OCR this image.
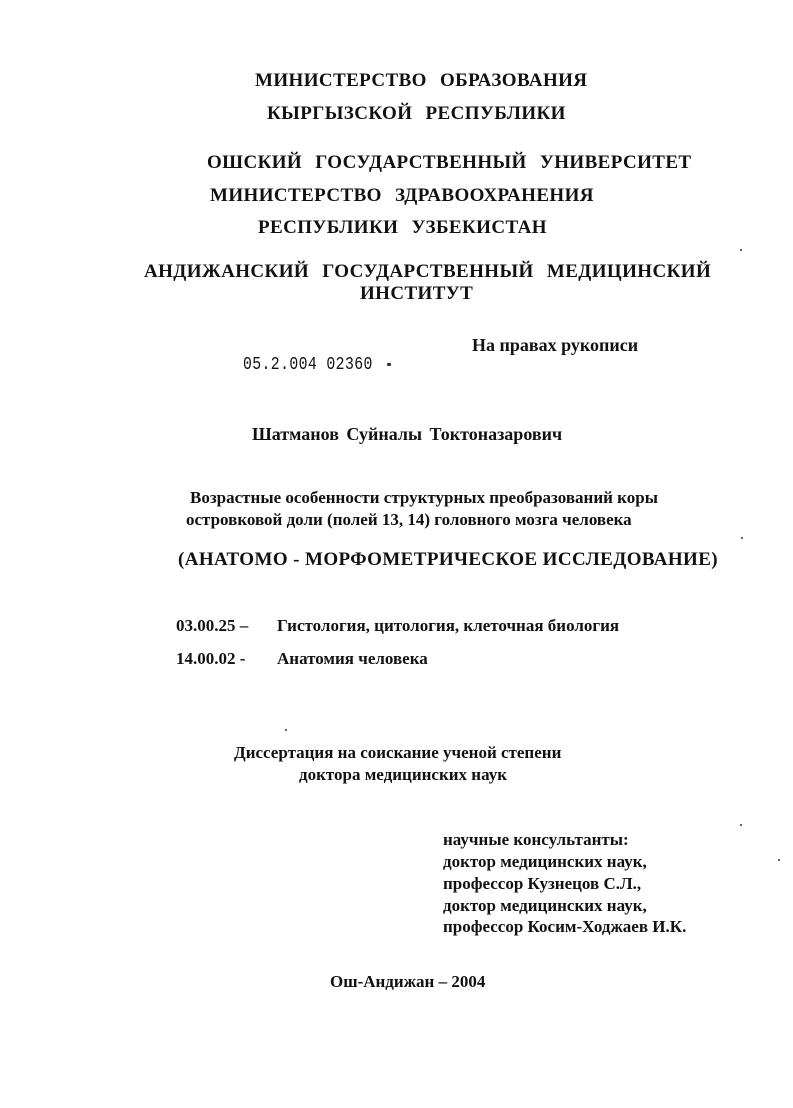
МИНИСТЕРСТВО ОБРАЗОВАНИЯ
КЫРГЫЗСКОЙ РЕСПУБЛИКИ
ОШСКИЙ ГОСУДАРСТВЕННЫЙ УНИВЕРСИТЕТ
МИНИСТЕРСТВО ЗДРАВООХРАНЕНИЯ
РЕСПУБЛИКИ УЗБЕКИСТАН
АНДИЖАНСКИЙ ГОСУДАРСТВЕННЫЙ МЕДИЦИНСКИЙ
ИНСТИТУТ
На правах рукописи
05.2.004 02360
Шатманов Суйналы Токтоназарович
Возрастные особенности структурных преобразований коры
островковой доли (полей 13, 14) головного мозга человека
(АНАТОМО - МОРФОМЕТРИЧЕСКОЕ ИССЛЕДОВАНИЕ)
03.00.25 – Гистология, цитология, клеточная биология
14.00.02 - Анатомия человека
Диссертация на соискание ученой степени
доктора медицинских наук
научные консультанты:
доктор медицинских наук,
профессор Кузнецов С.Л.,
доктор медицинских наук,
профессор Косим-Ходжаев И.К.
Ош-Андижан – 2004
